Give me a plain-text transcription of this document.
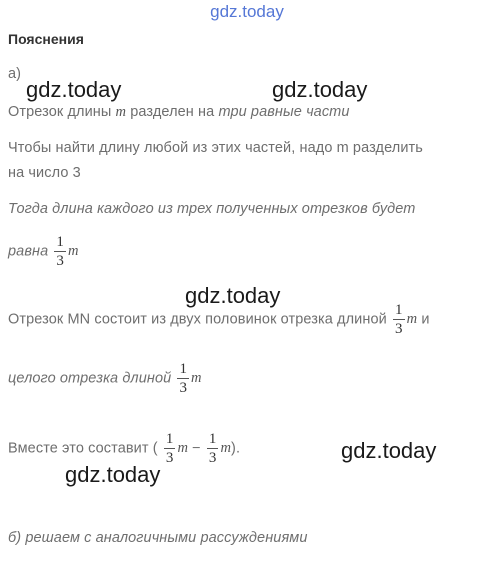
gdz.today
Пояснения
а)
gdz.today	gdz.today
gdz.today
gdz.today
gdz.today
Отрезок длины m разделен на три равные части
Чтобы найти длину любой из этих частей, надо m разделить
на число 3
Тогда длина каждого из трех полученных отрезков будет
равна $\frac{1}{3}$ m
Отрезок MN состоит из двух половинок отрезка длиной $\frac{1}{3}$ m и
целого отрезка длиной $\frac{1}{3}$ m
Вместе это составит ( $\frac{1}{3}$ $m - \frac{1}{3} m$).
б) решаем с аналогичными рассуждениями
